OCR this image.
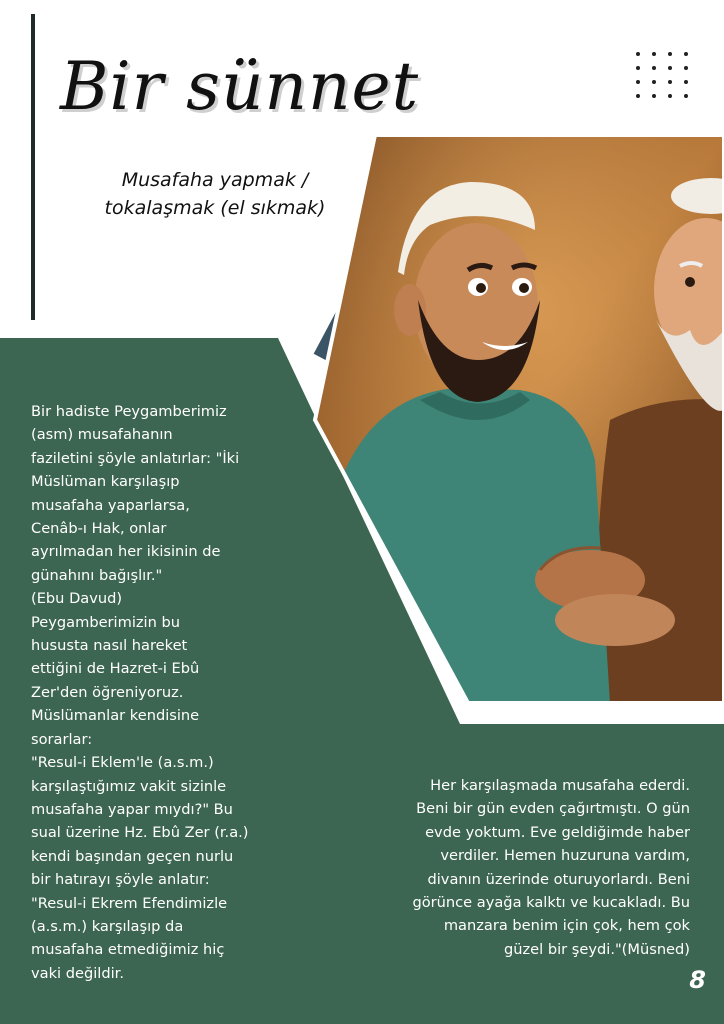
Bir sünnet
Musafaha yapmak / tokalaşmak (el sıkmak)
Bir hadiste Peygamberimiz
(asm) musafahanın
faziletini şöyle anlatırlar: "İki
Müslüman karşılaşıp
musafaha yaparlarsa,
Cenâb-ı Hak, onlar
ayrılmadan her ikisinin de
günahını bağışlır."
(Ebu Davud)
Peygamberimizin bu
hususta nasıl hareket
ettiğini de Hazret-i Ebû
Zer'den öğreniyoruz.
Müslümanlar kendisine
sorarlar:
"Resul-i Eklem'le (a.s.m.)
karşılaştığımız vakit sizinle
musafaha yapar mıydı?" Bu
sual üzerine Hz. Ebû Zer (r.a.)
kendi başından geçen nurlu
bir hatırayı şöyle anlatır:
"Resul-i Ekrem Efendimizle
(a.s.m.) karşılaşıp da
musafaha etmediğimiz hiç
vaki değildir.
Her karşılaşmada musafaha ederdi.
Beni bir gün evden çağırtmıştı. O gün
evde yoktum. Eve geldiğimde haber
verdiler. Hemen huzuruna vardım,
divanın üzerinde oturuyorlardı. Beni
görünce ayağa kalktı ve kucakladı. Bu
manzara benim için çok, hem çok
güzel bir şeydi."(Müsned)
8
